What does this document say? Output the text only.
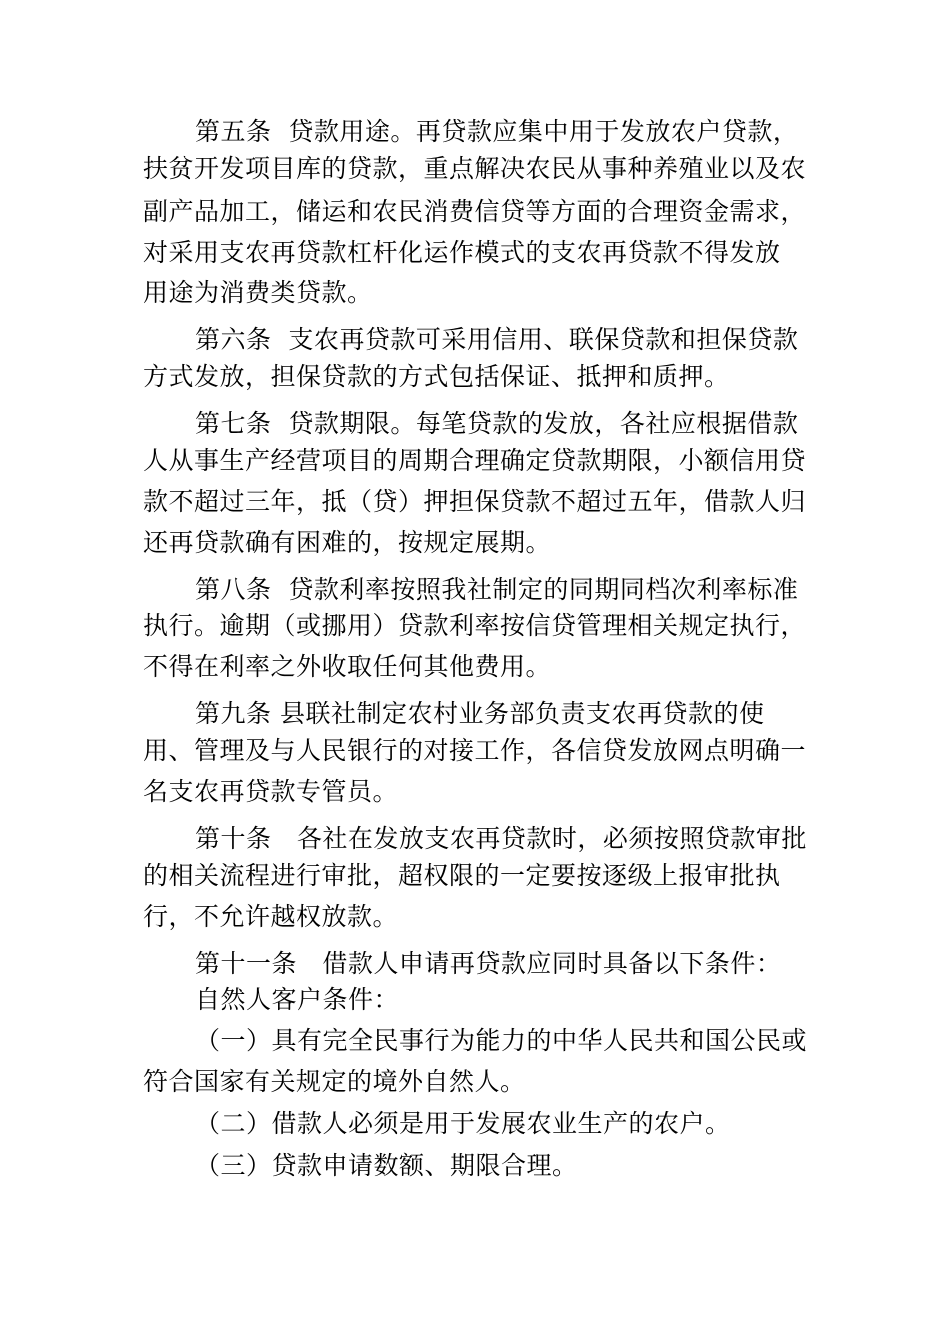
第五条  贷款用途。再贷款应集中用于发放农户贷款，
扶贫开发项目库的贷款，重点解决农民从事种养殖业以及农
副产品加工，储运和农民消费信贷等方面的合理资金需求，
对采用支农再贷款杠杆化运作模式的支农再贷款不得发放
用途为消费类贷款。
第六条  支农再贷款可采用信用、联保贷款和担保贷款
方式发放，担保贷款的方式包括保证、抵押和质押。
第七条  贷款期限。每笔贷款的发放，各社应根据借款
人从事生产经营项目的周期合理确定贷款期限，小额信用贷
款不超过三年，抵（贷）押担保贷款不超过五年，借款人归
还再贷款确有困难的，按规定展期。
第八条  贷款利率按照我社制定的同期同档次利率标准
执行。逾期（或挪用）贷款利率按信贷管理相关规定执行，
不得在利率之外收取任何其他费用。
第九条 县联社制定农村业务部负责支农再贷款的使
用、管理及与人民银行的对接工作，各信贷发放网点明确一
名支农再贷款专管员。
第十条   各社在发放支农再贷款时，必须按照贷款审批
的相关流程进行审批，超权限的一定要按逐级上报审批执
行，不允许越权放款。
第十一条   借款人申请再贷款应同时具备以下条件：
自然人客户条件：
（一）具有完全民事行为能力的中华人民共和国公民或
符合国家有关规定的境外自然人。
（二）借款人必须是用于发展农业生产的农户。
（三）贷款申请数额、期限合理。
